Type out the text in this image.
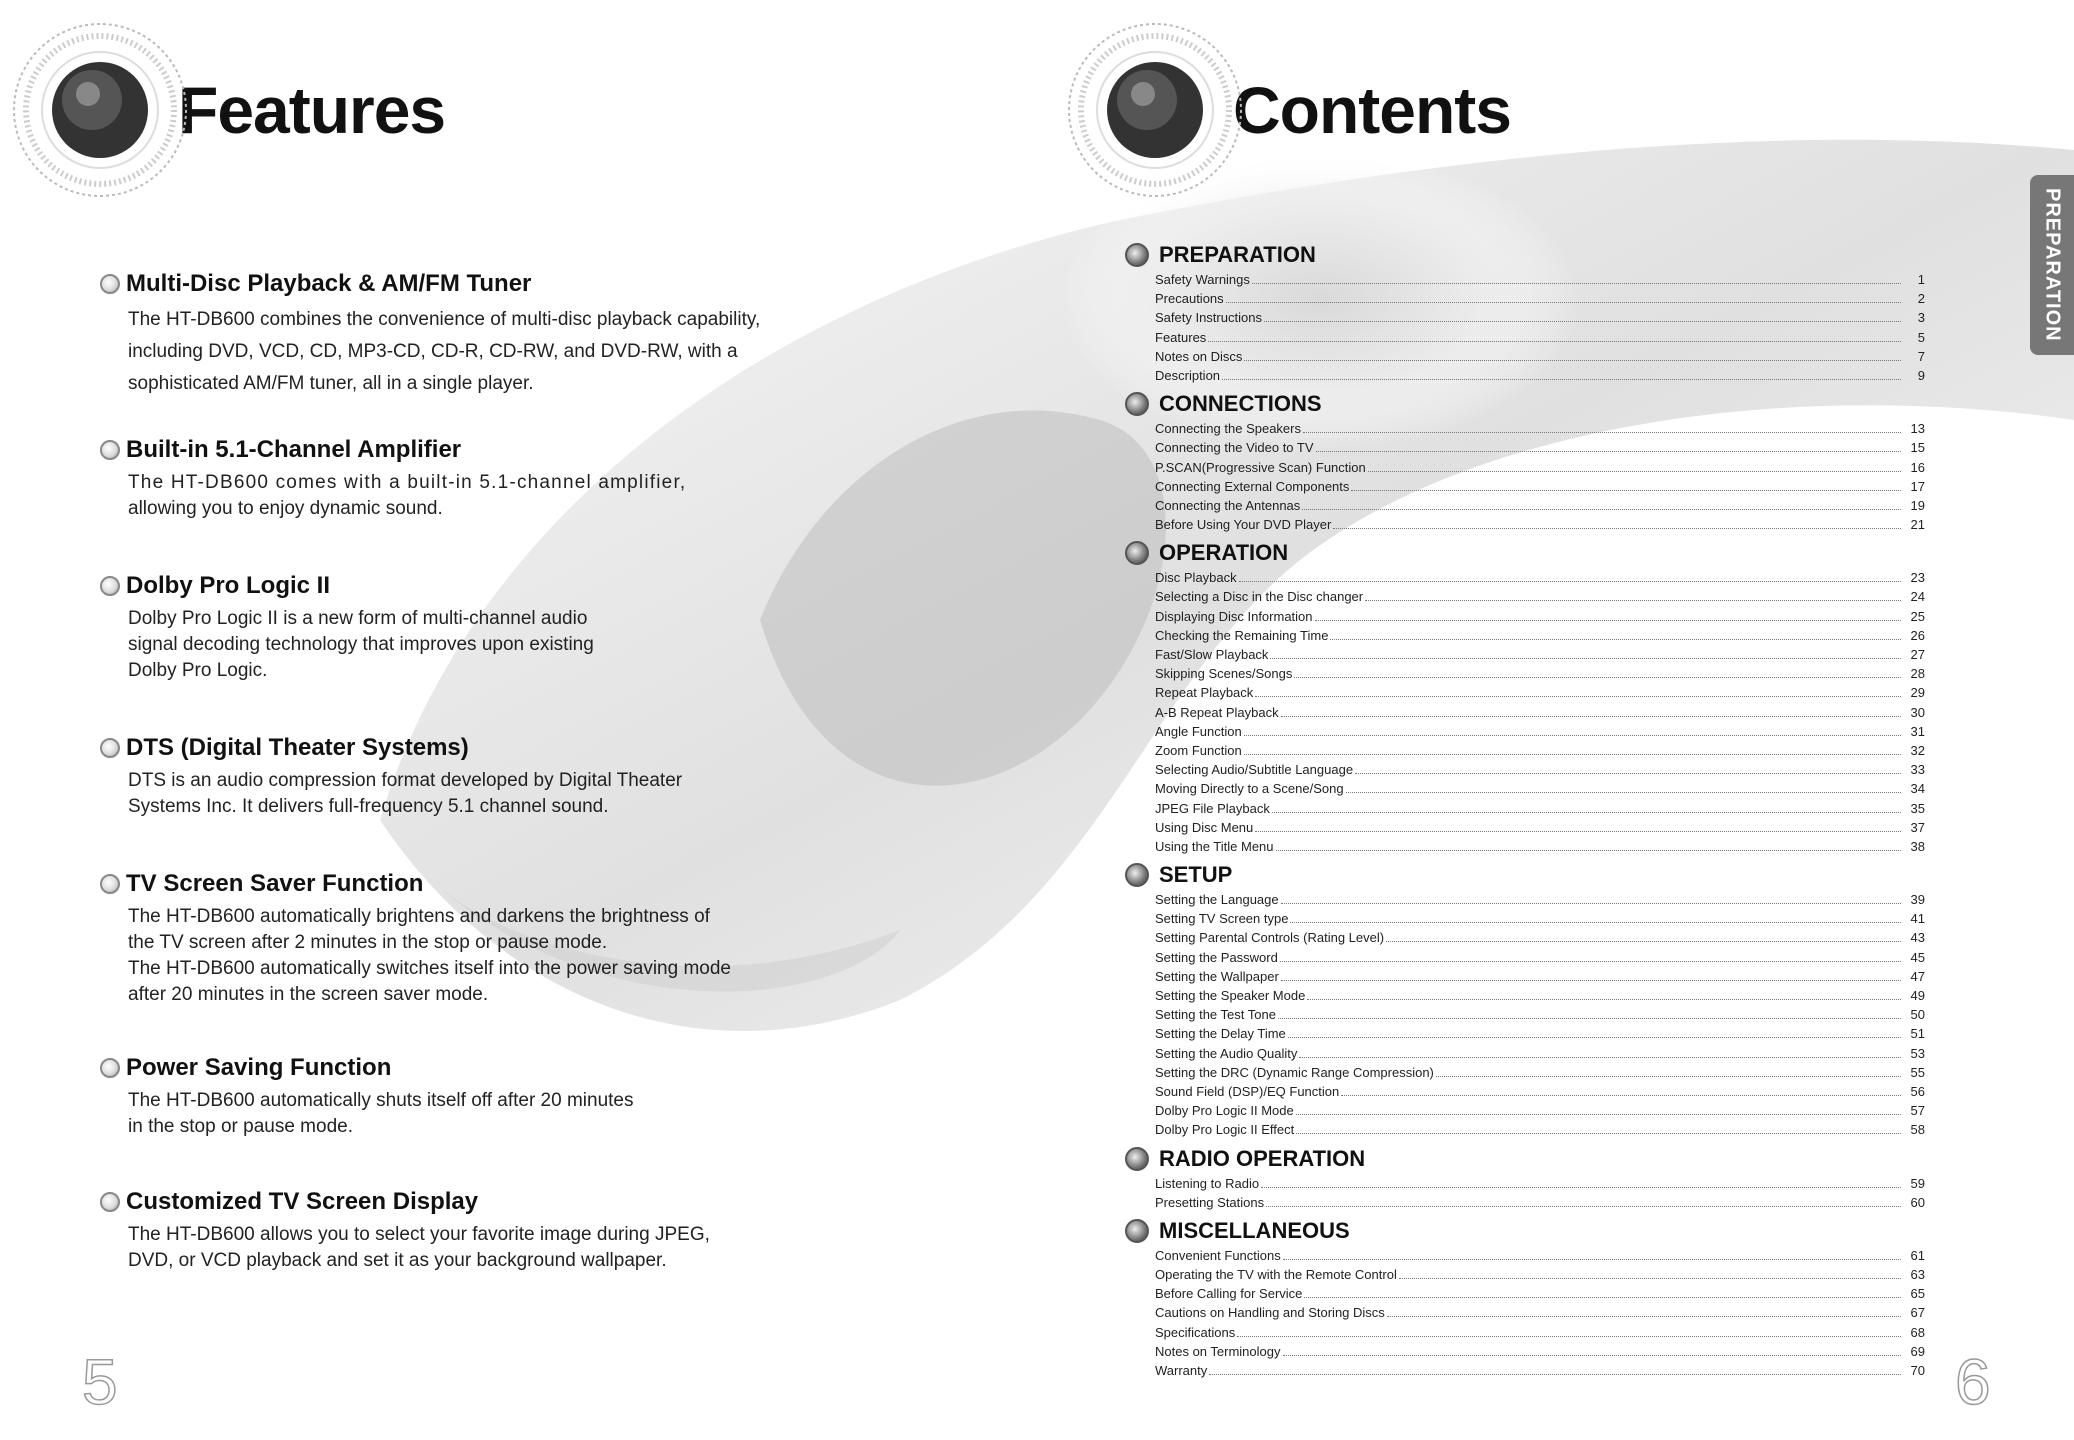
Features	Contents
Multi-Disc Playback & AM/FM Tuner
The HT-DB600 combines the convenience of multi-disc playback capability,
including DVD, VCD, CD, MP3-CD, CD-R, CD-RW, and DVD-RW, with a
sophisticated AM/FM tuner, all in a single player.
Built-in 5.1-Channel Amplifier
The HT-DB600 comes with a built-in 5.1-channel amplifier,
allowing you to enjoy dynamic sound.
Dolby Pro Logic II
Dolby Pro Logic II is a new form of multi-channel audio
signal decoding technology that improves upon existing
Dolby Pro Logic.
DTS (Digital Theater Systems)
DTS is an audio compression format developed by Digital Theater
Systems Inc. It delivers full-frequency 5.1 channel sound.
TV Screen Saver Function
The HT-DB600 automatically brightens and darkens the brightness of
the TV screen after 2 minutes in the stop or pause mode.
The HT-DB600 automatically switches itself into the power saving mode
after 20 minutes in the screen saver mode.
Power Saving Function
The HT-DB600 automatically shuts itself off after 20 minutes
in the stop or pause mode.
Customized TV Screen Display
The HT-DB600 allows you to select your favorite image during JPEG,
DVD, or VCD playback and set it as your background wallpaper.
PREPARATION
Safety Warnings	1
Precautions	2
Safety Instructions	3
Features	5
Notes on Discs	7
Description	9
CONNECTIONS
Connecting the Speakers	13
Connecting the Video to TV	15
P.SCAN(Progressive Scan) Function	16
Connecting External Components	17
Connecting the Antennas	19
Before Using Your DVD Player	21
OPERATION
Disc Playback	23
Selecting a Disc in the Disc changer	24
Displaying Disc Information	25
Checking the Remaining Time	26
Fast/Slow Playback	27
Skipping Scenes/Songs	28
Repeat Playback	29
A-B Repeat Playback	30
Angle Function	31
Zoom Function	32
Selecting Audio/Subtitle Language	33
Moving Directly to a Scene/Song	34
JPEG File Playback	35
Using Disc Menu	37
Using the Title Menu	38
SETUP
Setting the Language	39
Setting TV Screen type	41
Setting Parental Controls (Rating Level)	43
Setting the Password	45
Setting the Wallpaper	47
Setting the Speaker Mode	49
Setting the Test Tone	50
Setting the Delay Time	51
Setting the Audio Quality	53
Setting the DRC (Dynamic Range Compression)	55
Sound Field (DSP)/EQ Function	56
Dolby Pro Logic II Mode	57
Dolby Pro Logic II Effect	58
RADIO OPERATION
Listening to Radio	59
Presetting Stations	60
MISCELLANEOUS
Convenient Functions	61
Operating the TV with the Remote Control	63
Before Calling for Service	65
Cautions on Handling and Storing Discs	67
Specifications	68
Notes on Terminology	69
Warranty	70
PREPARATION
5	6
